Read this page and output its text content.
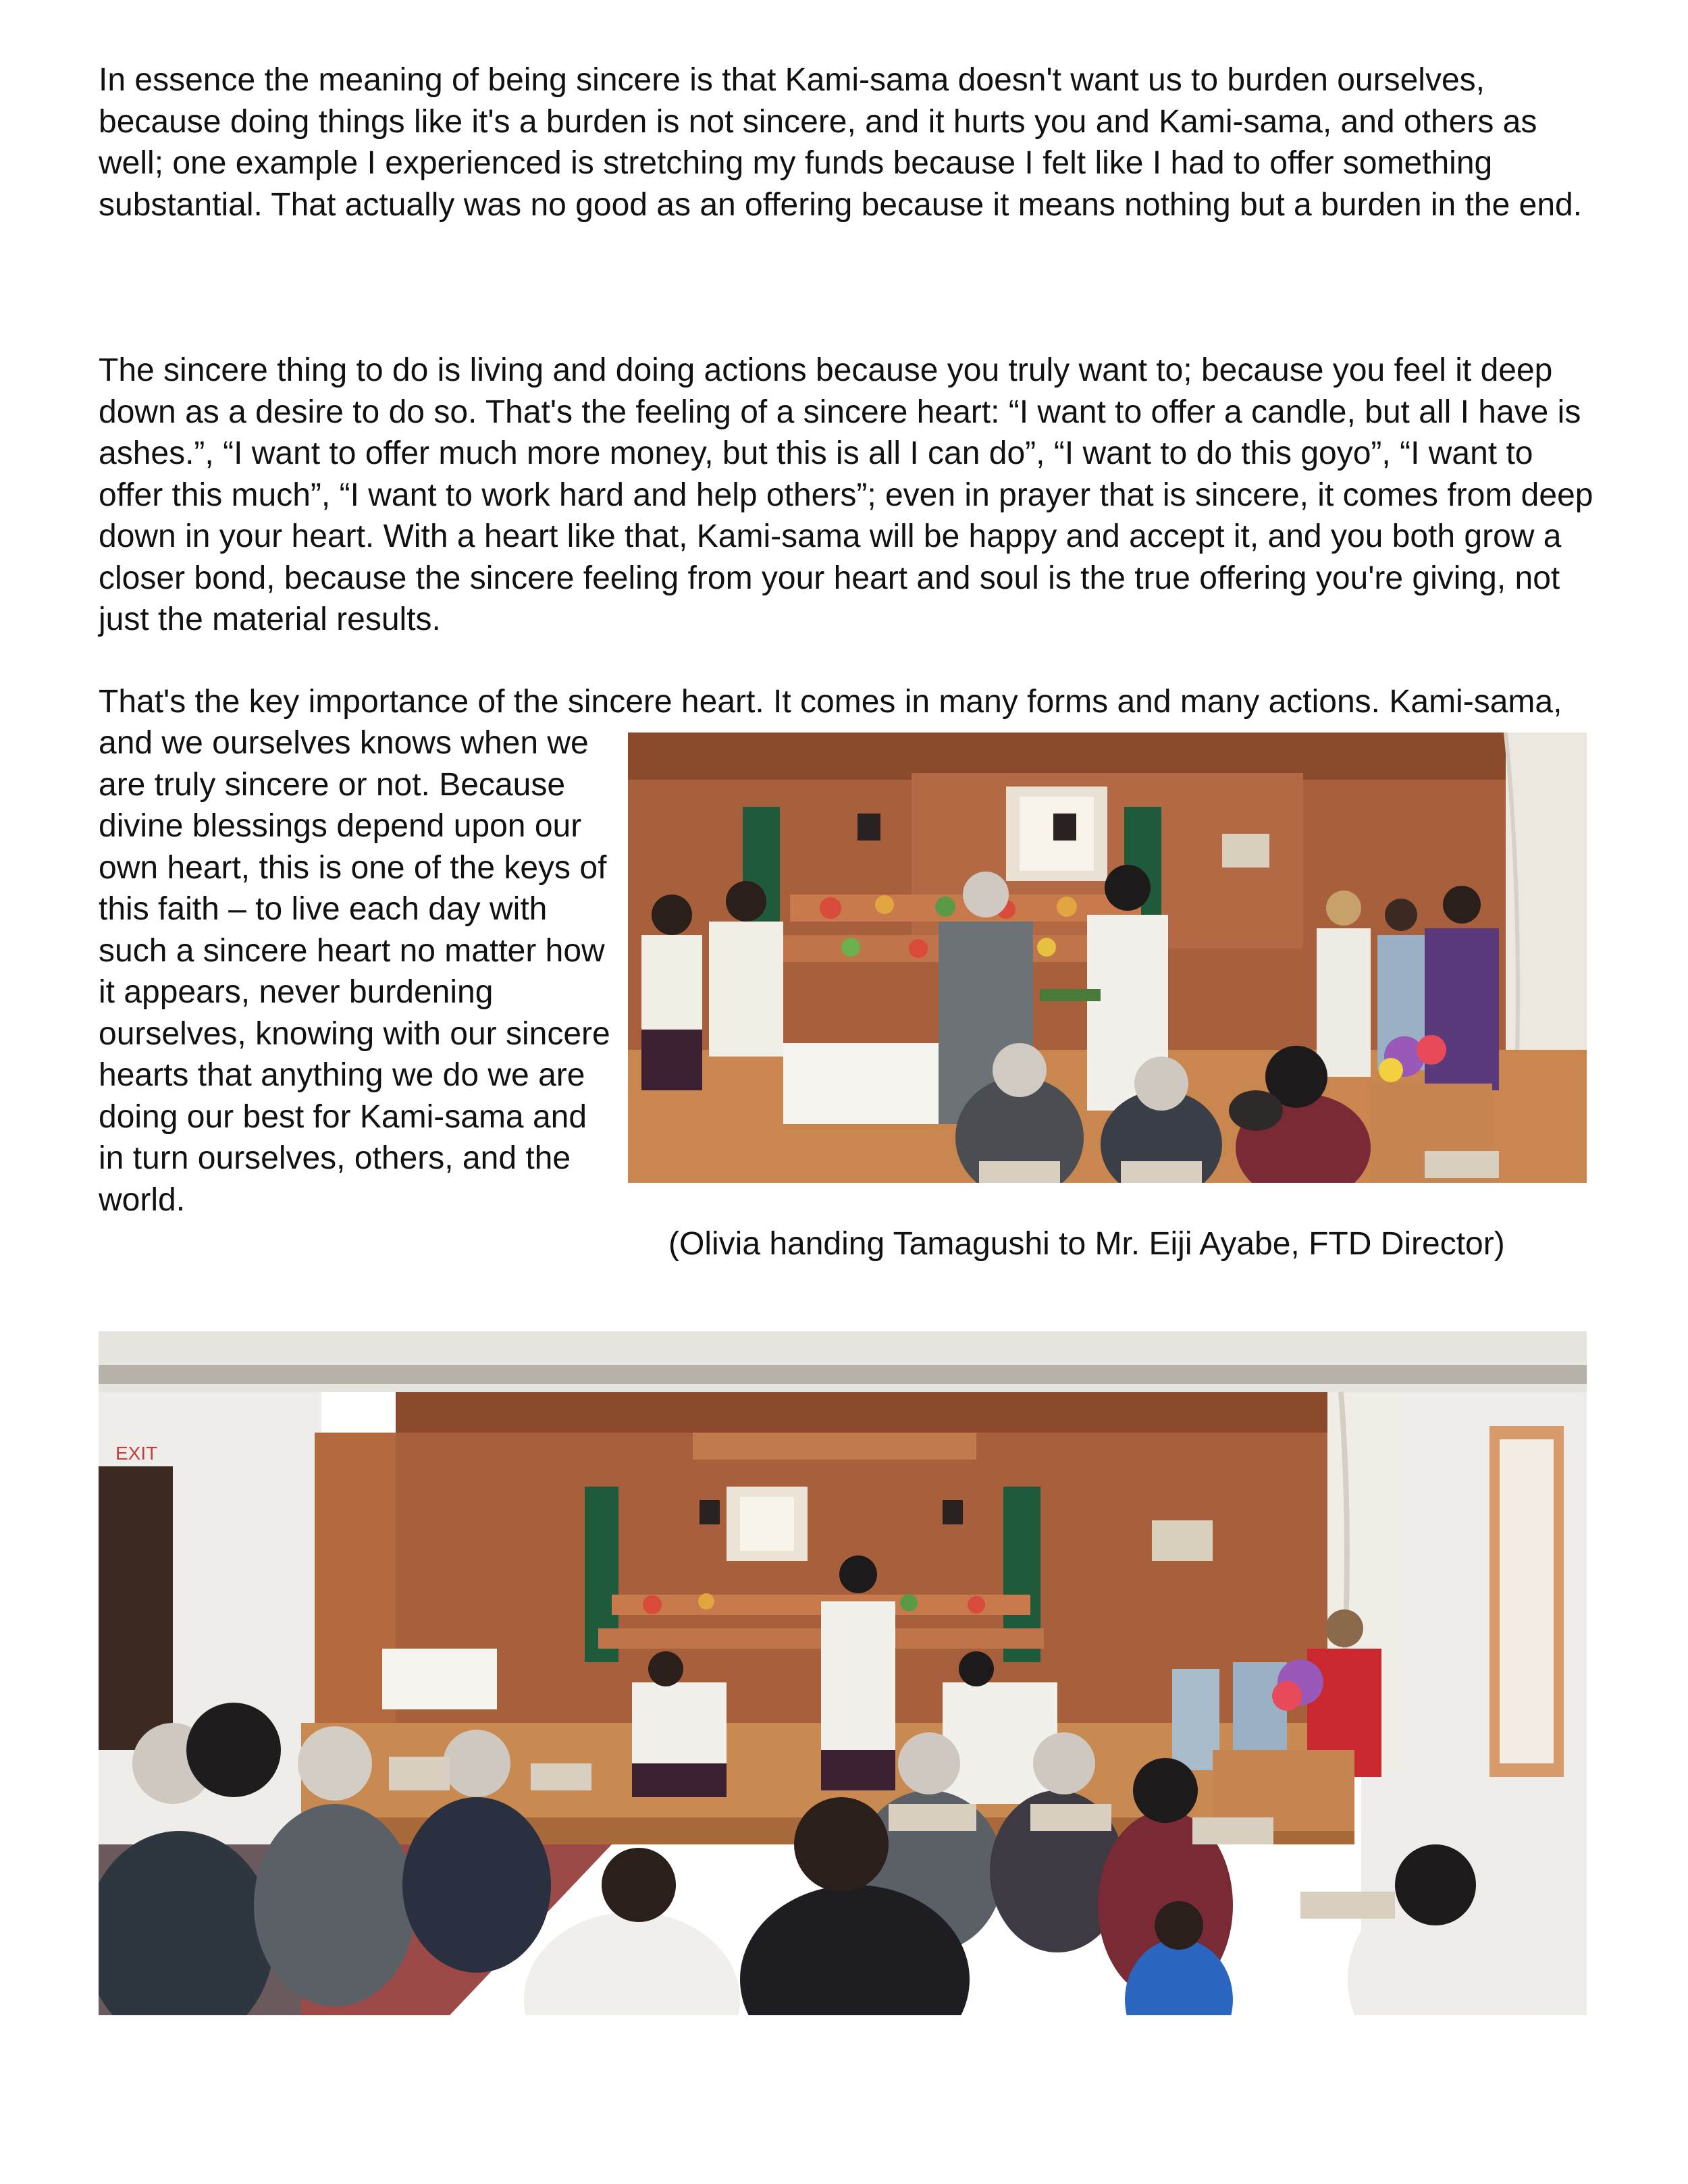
In essence the meaning of being sincere is that Kami-sama doesn't want us to burden ourselves, because doing things like it's a burden is not sincere, and it hurts you and Kami-sama, and others as well; one example I experienced is stretching my funds because I felt like I had to offer something substantial. That actually was no good as an offering because it means nothing but a burden in the end.

The sincere thing to do is living and doing actions because you truly want to; because you feel it deep down as a desire to do so. That's the feeling of a sincere heart: “I want to offer a candle, but all I have is ashes.”, “I want to offer much more money, but this is all I can do”, “I want to do this goyo”, “I want to offer this much”, “I want to work hard and help others”; even in prayer that is sincere, it comes from deep down in your heart. With a heart like that, Kami-sama will be happy and accept it, and you both grow a closer bond, because the sincere feeling from your heart and soul is the true offering you're giving, not just the material results.

That's the key importance of the sincere heart. It comes in many forms and many actions. Kami-sama,

and we ourselves knows when we are truly sincere or not. Because divine blessings depend upon our own heart, this is one of the keys of this faith – to live each day with such a sincere heart no matter how it appears, never burdening ourselves, knowing with our sincere hearts that anything we do we are doing our best for Kami-sama and in turn ourselves, others, and the world.

(Olivia handing Tamagushi to Mr. Eiji Ayabe, FTD Director)
EXIT
